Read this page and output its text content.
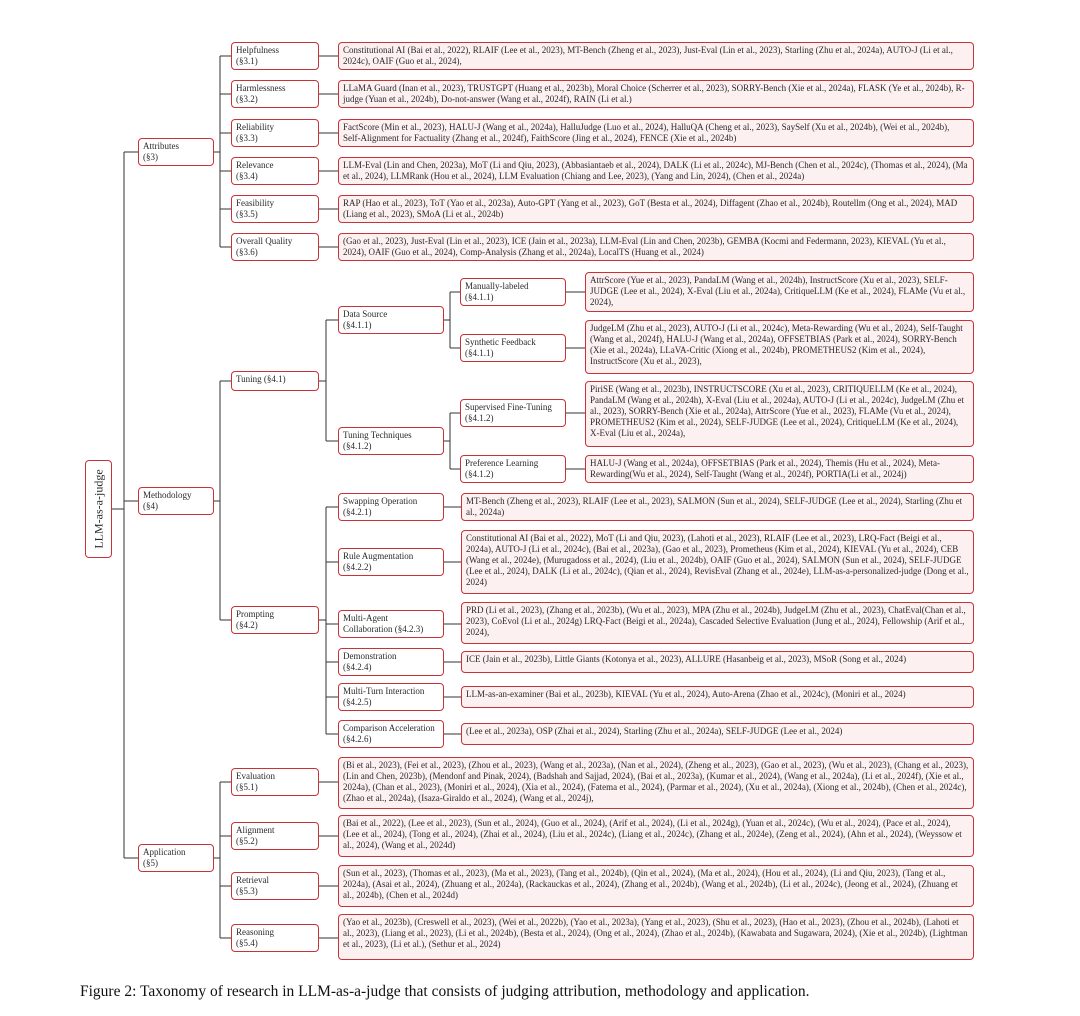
LLM-as-a-judge
Attributes
(§3)
Methodology
(§4)
Application
(§5)
Helpfulness
(§3.1)
Constitutional AI (Bai et al., 2022), RLAIF (Lee et al., 2023), MT-Bench (Zheng et al., 2023), Just-Eval (Lin et al., 2023), Starling (Zhu et al., 2024a), AUTO-J (Li et al., 2024c), OAIF (Guo et al., 2024),
Harmlessness
(§3.2)
LLaMA Guard (Inan et al., 2023), TRUSTGPT (Huang et al., 2023b), Moral Choice (Scherrer et al., 2023), SORRY-Bench (Xie et al., 2024a), FLASK (Ye et al., 2024b), R-judge (Yuan et al., 2024b), Do-not-answer (Wang et al., 2024f), RAIN (Li et al.)
Reliability
(§3.3)
FactScore (Min et al., 2023), HALU-J (Wang et al., 2024a), HalluJudge (Luo et al., 2024), HalluQA (Cheng et al., 2023), SaySelf (Xu et al., 2024b), (Wei et al., 2024b), Self-Alignment for Factuality (Zhang et al., 2024f), FaithScore (Jing et al., 2024), FENCE (Xie et al., 2024b)
Relevance
(§3.4)
LLM-Eval (Lin and Chen, 2023a), MoT (Li and Qiu, 2023), (Abbasiantaeb et al., 2024), DALK (Li et al., 2024c), MJ-Bench (Chen et al., 2024c), (Thomas et al., 2024), (Ma et al., 2024), LLMRank (Hou et al., 2024), LLM Evaluation (Chiang and Lee, 2023), (Yang and Lin, 2024), (Chen et al., 2024a)
Feasibility
(§3.5)
RAP (Hao et al., 2023), ToT (Yao et al., 2023a), Auto-GPT (Yang et al., 2023), GoT (Besta et al., 2024), Diffagent (Zhao et al., 2024b), Routellm (Ong et al., 2024), MAD (Liang et al., 2023), SMoA (Li et al., 2024b)
Overall Quality
(§3.6)
(Gao et al., 2023), Just-Eval (Lin et al., 2023), ICE (Jain et al., 2023a), LLM-Eval (Lin and Chen, 2023b), GEMBA (Kocmi and Federmann, 2023), KIEVAL (Yu et al., 2024), OAIF (Guo et al., 2024), Comp-Analysis (Zhang et al., 2024a), LocalTS (Huang et al., 2024)
Tuning (§4.1)
Data Source
(§4.1.1)
Tuning Techniques
(§4.1.2)
Manually-labeled
(§4.1.1)
AttrScore (Yue et al., 2023), PandaLM (Wang et al., 2024h), InstructScore (Xu et al., 2023), SELF-JUDGE (Lee et al., 2024), X-Eval (Liu et al., 2024a), CritiqueLLM (Ke et al., 2024), FLAMe (Vu et al., 2024),
Synthetic Feedback
(§4.1.1)
JudgeLM (Zhu et al., 2023), AUTO-J (Li et al., 2024c), Meta-Rewarding (Wu et al., 2024), Self-Taught (Wang et al., 2024f), HALU-J (Wang et al., 2024a), OFFSETBIAS (Park et al., 2024), SORRY-Bench (Xie et al., 2024a), LLaVA-Critic (Xiong et al., 2024b), PROMETHEUS2 (Kim et al., 2024), InstructScore (Xu et al., 2023),
Supervised Fine-Tuning
(§4.1.2)
PiriSE (Wang et al., 2023b), INSTRUCTSCORE (Xu et al., 2023), CRITIQUELLM (Ke et al., 2024), PandaLM (Wang et al., 2024h), X-Eval (Liu et al., 2024a), AUTO-J (Li et al., 2024c), JudgeLM (Zhu et al., 2023), SORRY-Bench (Xie et al., 2024a), AttrScore (Yue et al., 2023), FLAMe (Vu et al., 2024), PROMETHEUS2 (Kim et al., 2024), SELF-JUDGE (Lee et al., 2024), CritiqueLLM (Ke et al., 2024), X-Eval (Liu et al., 2024a),
Preference Learning
(§4.1.2)
HALU-J (Wang et al., 2024a), OFFSETBIAS (Park et al., 2024), Themis (Hu et al., 2024), Meta-Rewarding(Wu et al., 2024), Self-Taught (Wang et al., 2024f), PORTIA(Li et al., 2024j)
Prompting
(§4.2)
Swapping Operation
(§4.2.1)
MT-Bench (Zheng et al., 2023), RLAIF (Lee et al., 2023), SALMON (Sun et al., 2024), SELF-JUDGE (Lee et al., 2024), Starling (Zhu et al., 2024a)
Rule Augmentation
(§4.2.2)
Constitutional AI (Bai et al., 2022), MoT (Li and Qiu, 2023), (Lahoti et al., 2023), RLAIF (Lee et al., 2023), LRQ-Fact (Beigi et al., 2024a), AUTO-J (Li et al., 2024c), (Bai et al., 2023a), (Gao et al., 2023), Prometheus (Kim et al., 2024), KIEVAL (Yu et al., 2024), CEB (Wang et al., 2024e), (Murugadoss et al., 2024), (Liu et al., 2024b), OAIF (Guo et al., 2024), SALMON (Sun et al., 2024), SELF-JUDGE (Lee et al., 2024), DALK (Li et al., 2024c), (Qian et al., 2024), RevisEval (Zhang et al., 2024e), LLM-as-a-personalized-judge (Dong et al., 2024)
Multi-Agent
Collaboration (§4.2.3)
PRD (Li et al., 2023), (Zhang et al., 2023b), (Wu et al., 2023), MPA (Zhu et al., 2024b), JudgeLM (Zhu et al., 2023), ChatEval(Chan et al., 2023), CoEvol (Li et al., 2024g) LRQ-Fact (Beigi et al., 2024a), Cascaded Selective Evaluation (Jung et al., 2024), Fellowship (Arif et al., 2024),
Demonstration
(§4.2.4)
ICE (Jain et al., 2023b), Little Giants (Kotonya et al., 2023), ALLURE (Hasanbeig et al., 2023), MSoR (Song et al., 2024)
Multi-Turn Interaction
(§4.2.5)
LLM-as-an-examiner (Bai et al., 2023b), KIEVAL (Yu et al., 2024), Auto-Arena (Zhao et al., 2024c), (Moniri et al., 2024)
Comparison Acceleration
(§4.2.6)
(Lee et al., 2023a), OSP (Zhai et al., 2024), Starling (Zhu et al., 2024a), SELF-JUDGE (Lee et al., 2024)
Evaluation
(§5.1)
(Bi et al., 2023), (Fei et al., 2023), (Zhou et al., 2023), (Wang et al., 2023a), (Nan et al., 2024), (Zheng et al., 2023), (Gao et al., 2023), (Wu et al., 2023), (Chang et al., 2023), (Lin and Chen, 2023b), (Mendonf and Pinak, 2024), (Badshah and Sajjad, 2024), (Bai et al., 2023a), (Kumar et al., 2024), (Wang et al., 2024a), (Li et al., 2024f), (Xie et al., 2024a), (Chan et al., 2023), (Moniri et al., 2024), (Xia et al., 2024), (Fatema et al., 2024), (Parmar et al., 2024), (Xu et al., 2024a), (Xiong et al., 2024b), (Chen et al., 2024c), (Zhao et al., 2024a), (Isaza-Giraldo et al., 2024), (Wang et al., 2024j),
Alignment
(§5.2)
(Bai et al., 2022), (Lee et al., 2023), (Sun et al., 2024), (Guo et al., 2024), (Arif et al., 2024), (Li et al., 2024g), (Yuan et al., 2024c), (Wu et al., 2024), (Pace et al., 2024), (Lee et al., 2024), (Tong et al., 2024), (Zhai et al., 2024), (Liu et al., 2024c), (Liang et al., 2024c), (Zhang et al., 2024e), (Zeng et al., 2024), (Ahn et al., 2024), (Weyssow et al., 2024), (Wang et al., 2024d)
Retrieval
(§5.3)
(Sun et al., 2023), (Thomas et al., 2023), (Ma et al., 2023), (Tang et al., 2024b), (Qin et al., 2024), (Ma et al., 2024), (Hou et al., 2024), (Li and Qiu, 2023), (Tang et al., 2024a), (Asai et al., 2024), (Zhuang et al., 2024a), (Rackauckas et al., 2024), (Zhang et al., 2024b), (Wang et al., 2024b), (Li et al., 2024c), (Jeong et al., 2024), (Zhuang et al., 2024b), (Chen et al., 2024d)
Reasoning
(§5.4)
(Yao et al., 2023b), (Creswell et al., 2023), (Wei et al., 2022b), (Yao et al., 2023a), (Yang et al., 2023), (Shu et al., 2023), (Hao et al., 2023), (Zhou et al., 2024b), (Lahoti et al., 2023), (Liang et al., 2023), (Li et al., 2024b), (Besta et al., 2024), (Ong et al., 2024), (Zhao et al., 2024b), (Kawabata and Sugawara, 2024), (Xie et al., 2024b), (Lightman et al., 2023), (Li et al.), (Sethur et al., 2024)
Figure 2: Taxonomy of research in LLM-as-a-judge that consists of judging attribution, methodology and application.
